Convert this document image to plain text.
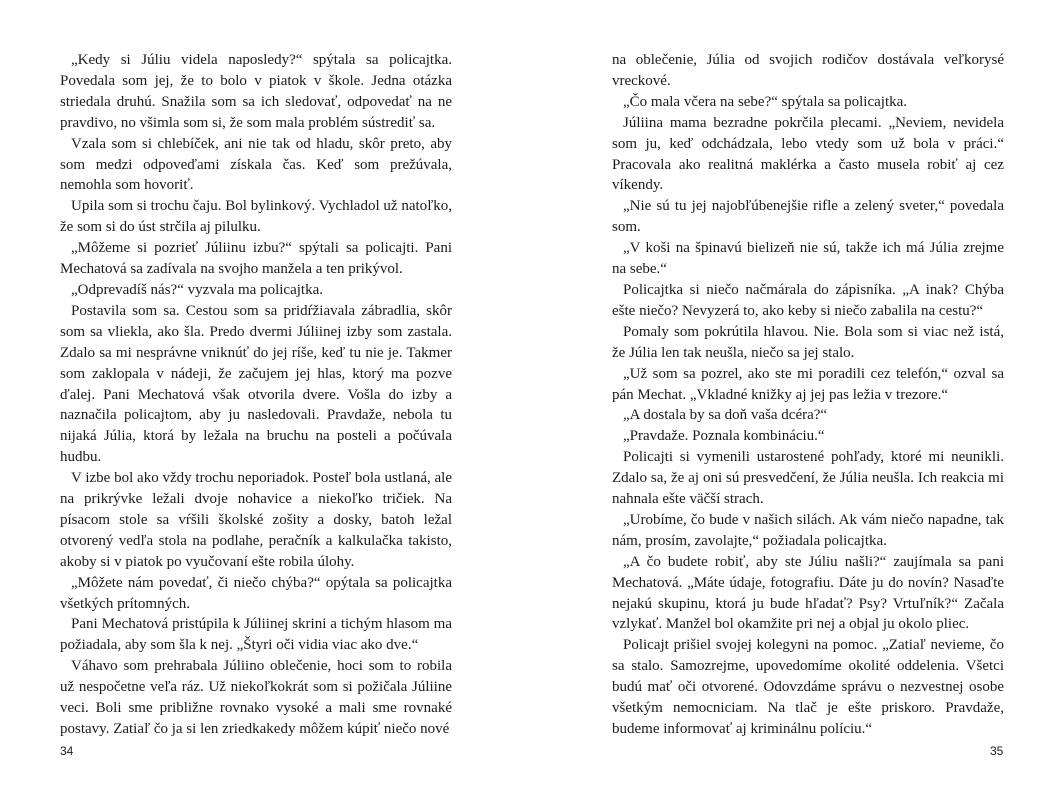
„Kedy si Júliu videla naposledy?“ spýtala sa policajtka. Povedala som jej, že to bolo v piatok v škole. Jedna otázka striedala druhú. Snažila som sa ich sledovať, odpovedať na ne pravdivo, no všimla som si, že som mala problém sústrediť sa.

Vzala som si chlebíček, ani nie tak od hladu, skôr preto, aby som medzi odpoveďami získala čas. Keď som prežúvala, nemohla som hovoriť.

Upila som si trochu čaju. Bol bylinkový. Vychladol už natoľko, že som si do úst strčila aj pilulku.

„Môžeme si pozrieť Júliinu izbu?“ spýtali sa policajti. Pani Mechatová sa zadívala na svojho manžela a ten prikývol.

„Odprevadíš nás?“ vyzvala ma policajtka.

Postavila som sa. Cestou som sa pridŕžiavala zábradlia, skôr som sa vliekla, ako šla. Predo dvermi Júliinej izby som zastala. Zdalo sa mi nesprávne vniknúť do jej ríše, keď tu nie je. Takmer som zaklopala v nádeji, že začujem jej hlas, ktorý ma pozve ďalej. Pani Mechatová však otvorila dvere. Vošla do izby a naznačila policajtom, aby ju nasledovali. Pravdaže, nebola tu nijaká Júlia, ktorá by ležala na bruchu na posteli a počúvala hudbu.

V izbe bol ako vždy trochu neporiadok. Posteľ bola ustlaná, ale na prikrývke ležali dvoje nohavice a niekoľko tričiek. Na písacom stole sa vŕšili školské zošity a dosky, batoh ležal otvorený vedľa stola na podlahe, peračník a kalkulačka takisto, akoby si v piatok po vyučovaní ešte robila úlohy.

„Môžete nám povedať, či niečo chýba?“ opýtala sa policajtka všetkých prítomných.

Pani Mechatová pristúpila k Júliinej skrini a tichým hlasom ma požiadala, aby som šla k nej. „Štyri oči vidia viac ako dve.“

Váhavo som prehrabala Júliino oblečenie, hoci som to robila už nespočetne veľa ráz. Už niekoľkokrát som si požičala Júliine veci. Boli sme približne rovnako vysoké a mali sme rovnaké postavy. Zatiaľ čo ja si len zriedkakedy môžem kúpiť niečo nové

34

na oblečenie, Júlia od svojich rodičov dostávala veľkorysé vreckové.

„Čo mala včera na sebe?“ spýtala sa policajtka.

Júliina mama bezradne pokrčila plecami. „Neviem, nevidela som ju, keď odchádzala, lebo vtedy som už bola v práci.“ Pracovala ako realitná maklérka a často musela robiť aj cez víkendy.

„Nie sú tu jej najobľúbenejšie rifle a zelený sveter,“ povedala som.

„V koši na špinavú bielizeň nie sú, takže ich má Júlia zrejme na sebe.“

Policajtka si niečo načmárala do zápisníka. „A inak? Chýba ešte niečo? Nevyzerá to, ako keby si niečo zabalila na cestu?“

Pomaly som pokrútila hlavou. Nie. Bola som si viac než istá, že Júlia len tak neušla, niečo sa jej stalo.

„Už som sa pozrel, ako ste mi poradili cez telefón,“ ozval sa pán Mechat. „Vkladné knižky aj jej pas ležia v trezore.“

„A dostala by sa doň vaša dcéra?“

„Pravdaže. Poznala kombináciu.“

Policajti si vymenili ustarostené pohľady, ktoré mi neunikli. Zdalo sa, že aj oni sú presvedčení, že Júlia neušla. Ich reakcia mi nahnala ešte väčší strach.

„Urobíme, čo bude v našich silách. Ak vám niečo napadne, tak nám, prosím, zavolajte,“ požiadala policajtka.

„A čo budete robiť, aby ste Júliu našli?“ zaujímala sa pani Mechatová. „Máte údaje, fotografiu. Dáte ju do novín? Nasaďte nejakú skupinu, ktorá ju bude hľadať? Psy? Vrtuľník?“ Začala vzlykať. Manžel bol okamžite pri nej a objal ju okolo pliec.

Policajt prišiel svojej kolegyni na pomoc. „Zatiaľ nevieme, čo sa stalo. Samozrejme, upovedomíme okolité oddelenia. Všetci budú mať oči otvorené. Odovzdáme správu o nezvestnej osobe všetkým nemocniciam. Na tlač je ešte priskoro. Pravdaže, budeme informovať aj kriminálnu políciu.“

35
